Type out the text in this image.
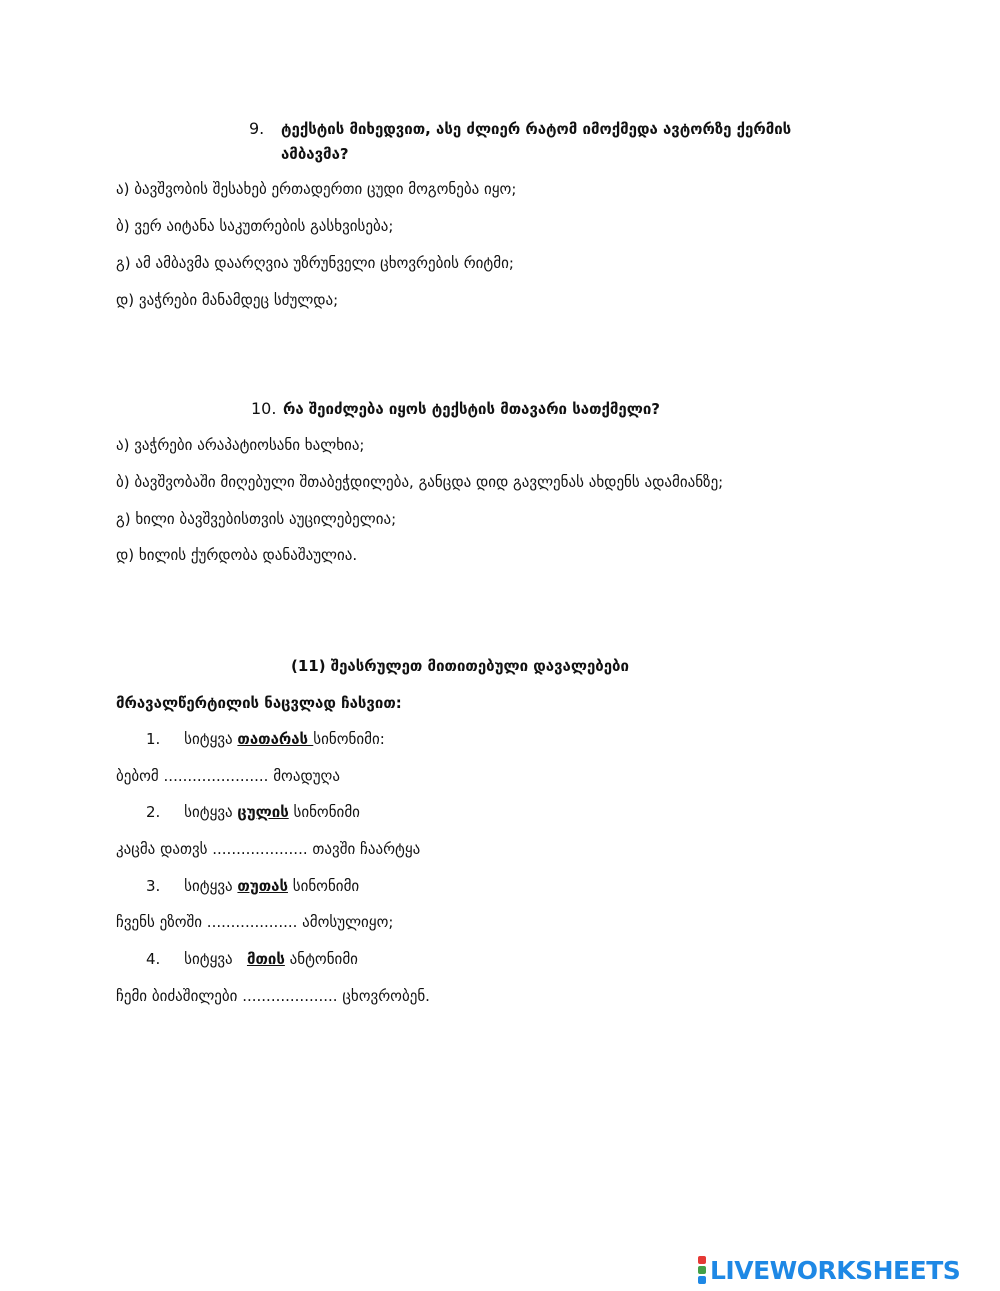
9. ტექსტის მიხედვით, ასე ძლიერ რატომ იმოქმედა ავტორზე ქერმის
ამბავმა?
ა) ბავშვობის შესახებ ერთადერთი ცუდი მოგონება იყო;
ბ) ვერ აიტანა საკუთრების გასხვისება;
გ) ამ ამბავმა დაარღვია უზრუნველი ცხოვრების რიტმი;
დ) ვაჭრები მანამდეც სძულდა;
10. რა შეიძლება იყოს ტექსტის მთავარი სათქმელი?
ა) ვაჭრები არაპატიოსანი ხალხია;
ბ) ბავშვობაში მიღებული შთაბეჭდილება, განცდა დიდ გავლენას ახდენს ადამიანზე;
გ) ხილი ბავშვებისთვის აუცილებელია;
დ) ხილის ქურდობა დანაშაულია.
(11) შეასრულეთ მითითებული დავალებები
მრავალწერტილის ნაცვლად ჩასვით:
1. სიტყვა თათარას სინონიმი:
ბებომ ...................... მოადუღა
2. სიტყვა ცულის სინონიმი
კაცმა დათვს .................... თავში ჩაარტყა
3. სიტყვა თუთას სინონიმი
ჩვენს ეზოში ................... ამოსულიყო;
4. სიტყვა   მთის ანტონიმი
ჩემი ბიძაშილები .................... ცხოვრობენ.
LIVEWORKSHEETS
